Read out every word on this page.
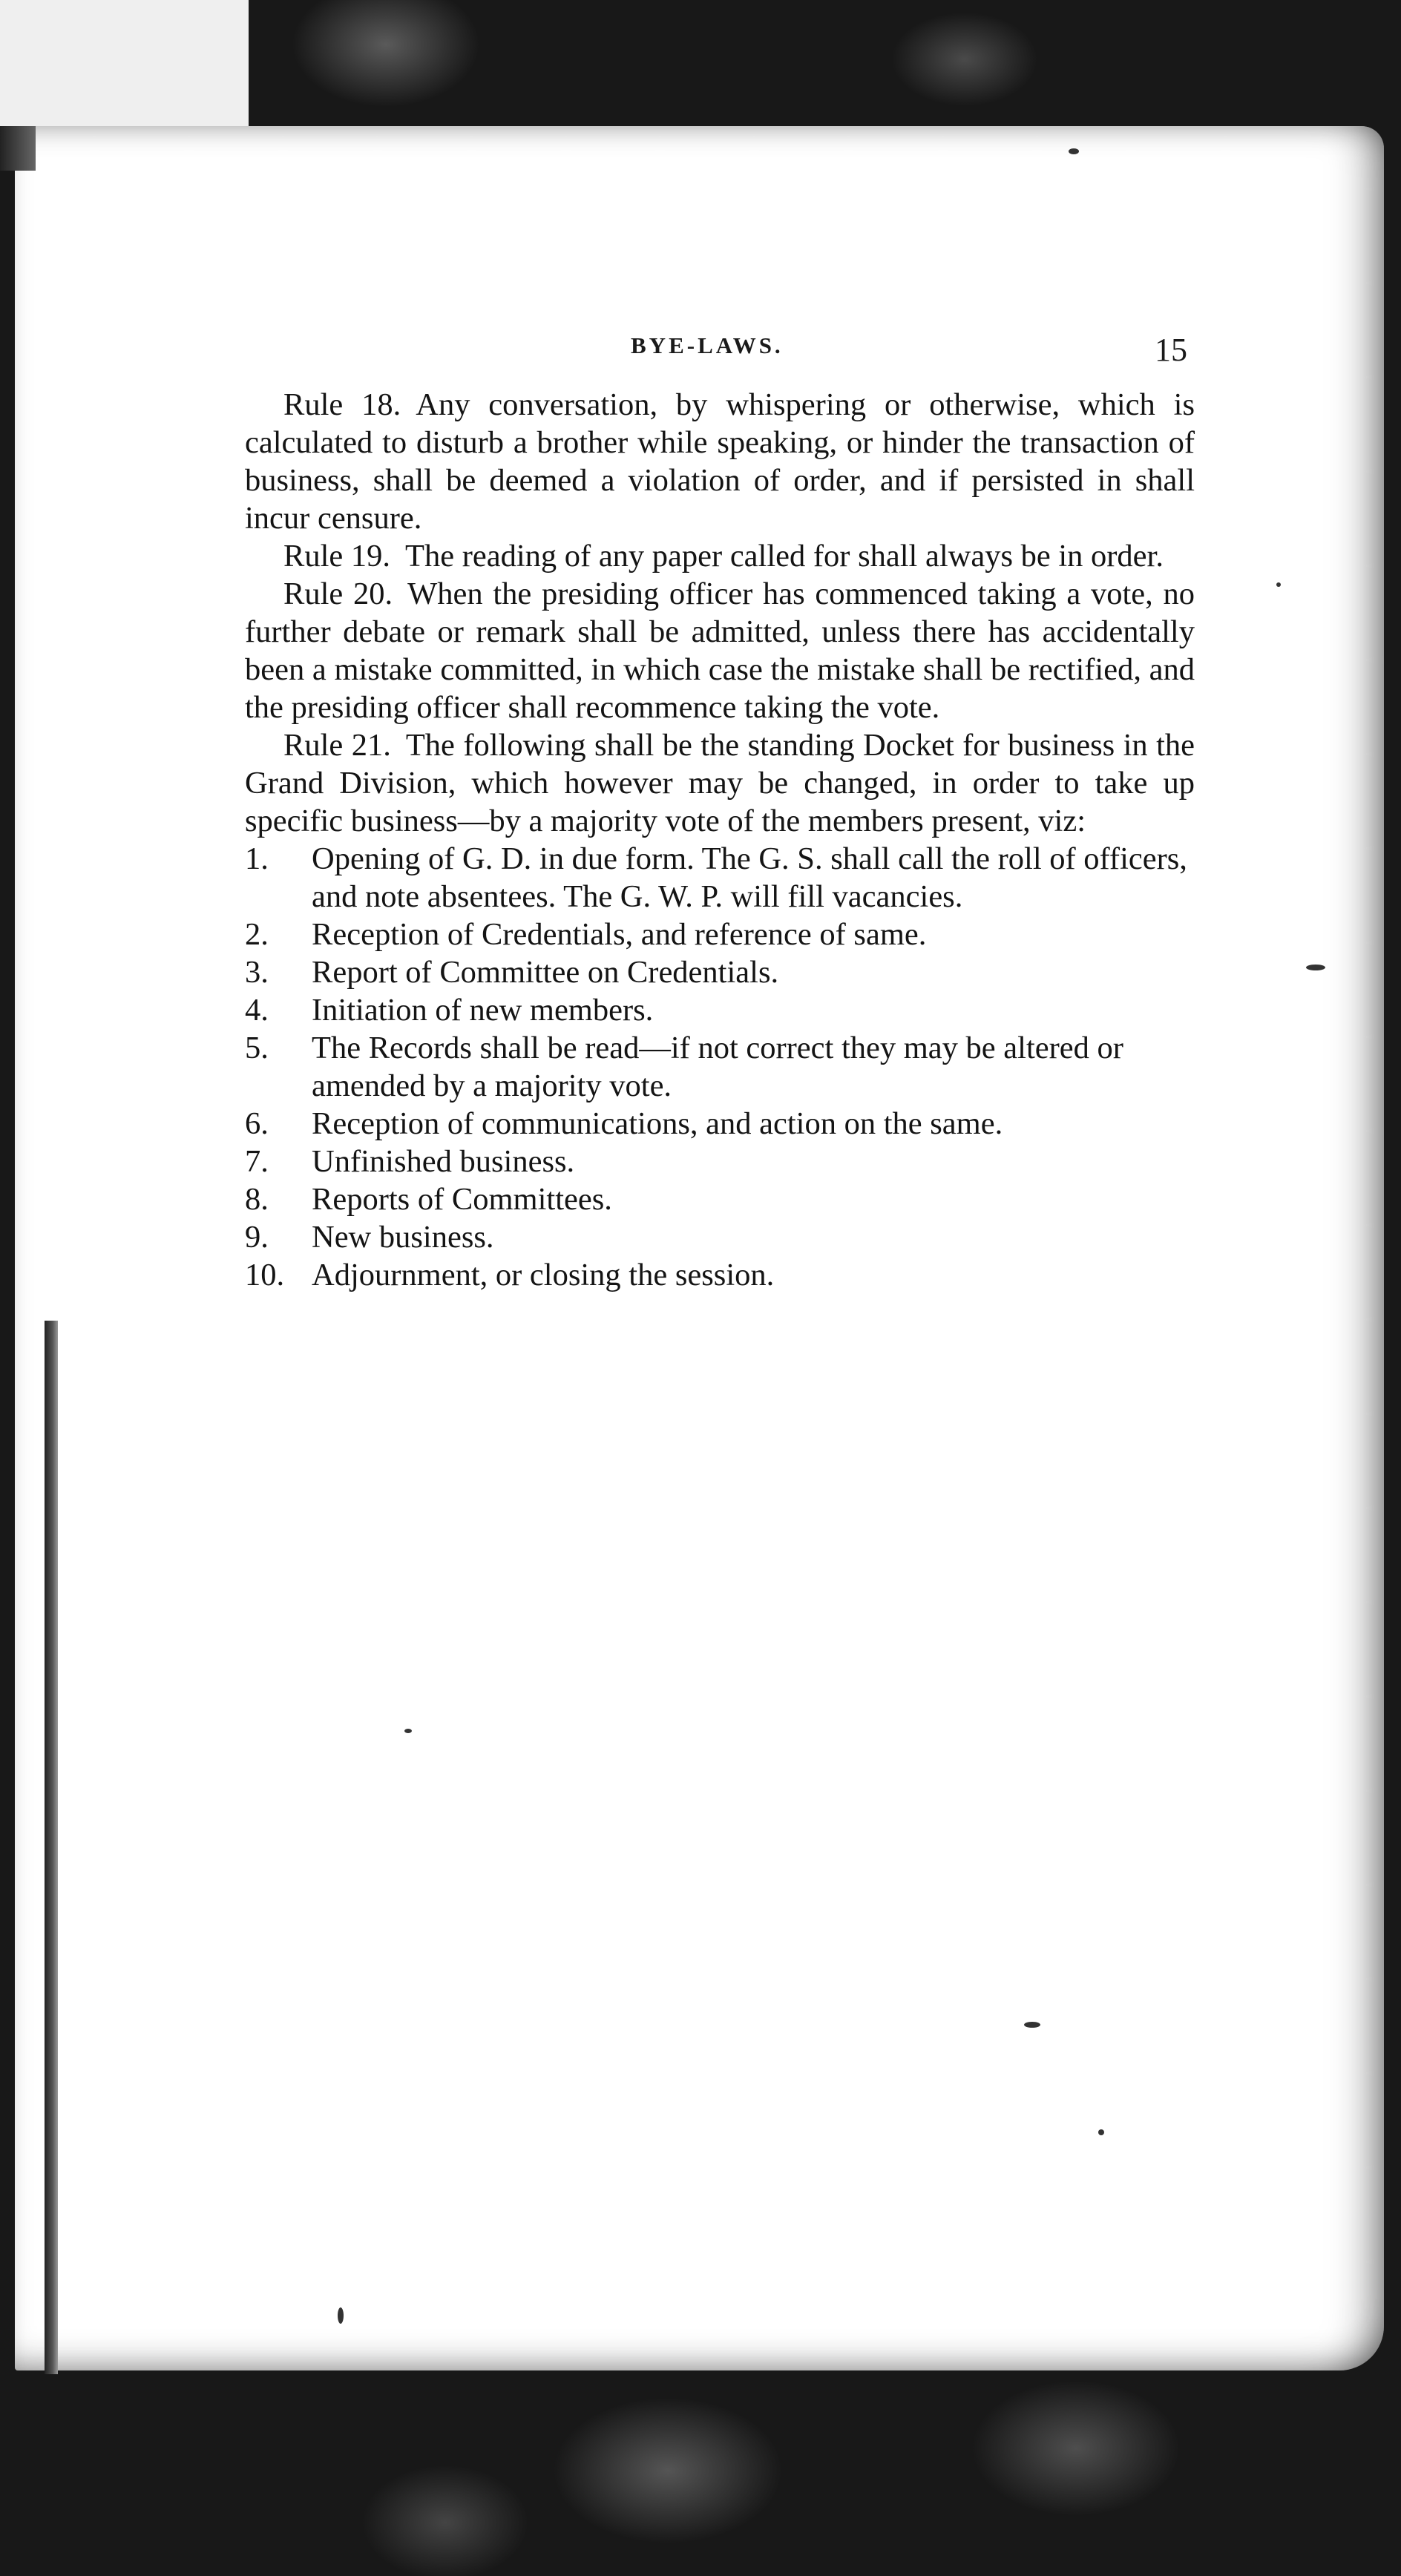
BYE-LAWS.	15

Rule 18. Any conversation, by whispering or otherwise, which is calculated to disturb a brother while speaking, or hinder the transaction of business, shall be deemed a violation of order, and if persisted in shall incur censure.

Rule 19. The reading of any paper called for shall always be in order.

Rule 20. When the presiding officer has commenced taking a vote, no further debate or remark shall be admitted, unless there has accidentally been a mistake committed, in which case the mistake shall be rectified, and the presiding officer shall recommence taking the vote.

Rule 21. The following shall be the standing Docket for business in the Grand Division, which however may be changed, in order to take up specific business—by a majority vote of the members present, viz:

1.	Opening of G. D. in due form. The G. S. shall call the roll of officers, and note absentees. The G. W. P. will fill vacancies.
2.	Reception of Credentials, and reference of same.
3.	Report of Committee on Credentials.
4.	Initiation of new members.
5.	The Records shall be read—if not correct they may be altered or amended by a majority vote.
6.	Reception of communications, and action on the same.
7.	Unfinished business.
8.	Reports of Committees.
9.	New business.
10. Adjournment, or closing the session.
